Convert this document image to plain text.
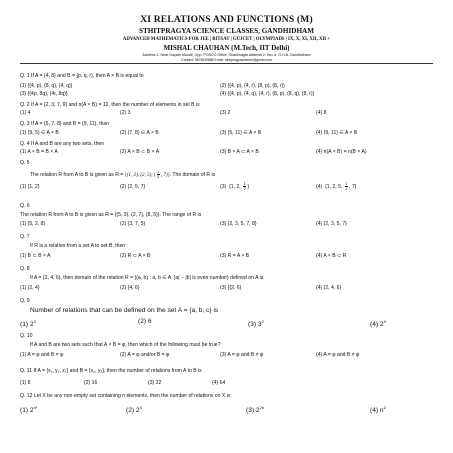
XI RELATIONS AND FUNCTIONS (M)
STHITPRAGYA SCIENCE CLASSES, GANDHIDHAM
ADVANCED MATHEMATICS FOR JEE | BITSAT | GUJCET | OLYMPIADS | IX, X, XI, XII, XII +
MISHAL CHAUHAN (M.Tech, IIT Delhi)
Address 1: Near Gayatri Mandir, Opp. POSCO Office, Shaktinagar Address 2: Sec-5, G.H.B, Gandhidham
Contact: 9879639888 Email: sthitpragyascience@gmail.com
Q. 1 If A = {4, 8} and B = {p, q, r}, then A × B is equal to
(1) {(4, p), (8, q), (4, q)}	(2) {(4, p), (4, r), (8, p), (8, r)}
(3) {(4p, 8q), (4r, 8q)}	(4) {(4, p), (4, q), (4, r), (8, p), (8, q), (8, r)}
Q. 2 If A = {2, 3, 7, 9} and n(A × B) = 12, then the number of elements in set B is
(1) 4	(2) 3	(3) 2	(4) 8
Q. 3 If A = {5, 7, 8} and B = {9, 11}, then
(1) (9, 5) ∈ A × B	(2) (7, 8) ∈ A × B	(3) (5, 11) ∈ A × B	(4) (9, 11) ∈ A × B
Q. 4 If A and B are any two sets, then
(1) A × B = B × A	(2) A × B ⊂ B × A	(3) B × A ⊂ A × B	(4) n(A × B) = n(B × A)
Q. 5
The relation R from A to B is given as R = {(1, 2), (2, 5), ( $\frac{1}{2}$ , 7)}. The domain of R is
(1) {1, 2}	(2) {2, 5, 7}	(3) {1, 2, $\frac{1}{2}$ }	(4) {1, 2, 5, $\frac{1}{2}$ , 7}
Q. 6
The relation R from A to B is given as R = {(5, 3), (2, 7), (8, 5)}. The range of R is
(1) {5, 2, 8}	(2) {3, 7, 5}	(3) {2, 3, 5, 7, 8}	(4) {2, 3, 5, 7}
Q. 7
If R is a relation from a set A to set B, then
(1) B ⊂ B × A	(2) R ⊂ A × B	(3) R = A × B	(4) A × B ⊂ R
Q. 8
If A = {2, 4, 6}, then domain of the relation R = {(a, b) : a, b ∈ A, |a| − |b| is even number} defined on A is
(1) {2, 4}	(2) {4, 6}	(3) {{2, 6}	(4) {2, 4, 6}
Q. 9
Number of relations that can be defined on the set A = {a, b, c} is
(1) $2^3$	(2) 6	(3) $3^2$	(4) $2^9$
Q. 10
If A and B are two sets such that A × B = φ, then which of the following must be true?
(1) A = φ and B = φ	(2) A = φ and/or B = φ	(3) A = φ and B ≠ φ	(4) A = φ and B ≠ φ
Q. 11 If A = {x₁, y₁, z₁} and B = {x₂, y₂}, then the number of relations from A to B is
(1) 8	(2) 16	(3) 32	(4) 64
Q. 12 Let X be any non-empty set containing n elements, then the number of relations on X is
(1) $2^{n^2}$	(2) 2$^n$	(3) $2^{2n}$	(4) $n^2$
